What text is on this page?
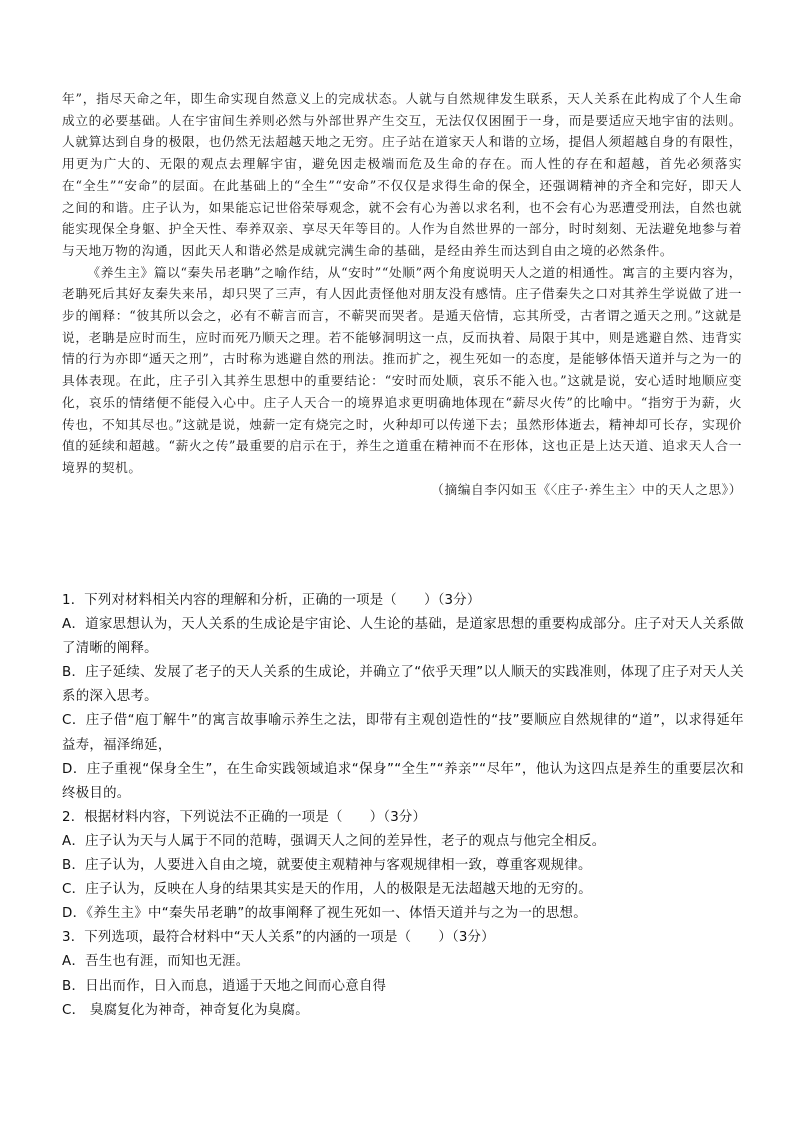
年”，指尽天命之年，即生命实现自然意义上的完成状态。人就与自然规律发生联系，天人关系在此构成了个人生命成立的必要基础。人在宇宙间生养则必然与外部世界产生交互，无法仅仅困囿于一身，而是要适应天地宇宙的法则。人就算达到自身的极限，也仍然无法超越天地之无穷。庄子站在道家天人和谐的立场，提倡人须超越自身的有限性，用更为广大的、无限的观点去理解宇宙，避免因走极端而危及生命的存在。而人性的存在和超越，首先必须落实在“全生”“安命”的层面。在此基础上的“全生”“安命”不仅仅是求得生命的保全，还强调精神的齐全和完好，即天人之间的和谐。庄子认为，如果能忘记世俗荣辱观念，就不会有心为善以求名利，也不会有心为恶遭受刑法，自然也就能实现保全身躯、护全天性、奉养双亲、享尽天年等目的。人作为自然世界的一部分，时时刻刻、无法避免地参与着与天地万物的沟通，因此天人和谐必然是成就完满生命的基础，是经由养生而达到自由之境的必然条件。

《养生主》篇以“秦失吊老聃”之喻作结，从“安时”“处顺”两个角度说明天人之道的相通性。寓言的主要内容为，老聃死后其好友秦失来吊，却只哭了三声，有人因此责怪他对朋友没有感情。庄子借秦失之口对其养生学说做了进一步的阐释：“彼其所以会之，必有不蕲言而言，不蕲哭而哭者。是遁天倍情，忘其所受，古者谓之遁天之刑。”这就是说，老聃是应时而生，应时而死乃顺天之理。若不能够洞明这一点，反而执着、局限于其中，则是逃避自然、违背实情的行为亦即“遁天之刑”，古时称为逃避自然的刑法。推而扩之，视生死如一的态度，是能够体悟天道并与之为一的具体表现。在此，庄子引入其养生思想中的重要结论：“安时而处顺，哀乐不能入也。”这就是说，安心适时地顺应变化，哀乐的情绪便不能侵入心中。庄子人天合一的境界追求更明确地体现在“薪尽火传”的比喻中。“指穷于为薪，火传也，不知其尽也。”这就是说，烛薪一定有烧完之时，火种却可以传递下去；虽然形体逝去，精神却可长存，实现价值的延续和超越。“薪火之传”最重要的启示在于，养生之道重在精神而不在形体，这也正是上达天道、追求天人合一境界的契机。

（摘编自李闪如玉《〈庄子·养生主〉中的天人之思》）

1．下列对材料相关内容的理解和分析，正确的一项是（　　）（3分）

A．道家思想认为，天人关系的生成论是宇宙论、人生论的基础，是道家思想的重要构成部分。庄子对天人关系做了清晰的阐释。

B．庄子延续、发展了老子的天人关系的生成论，并确立了“依乎天理”以人顺天的实践准则，体现了庄子对天人关系的深入思考。

C．庄子借“庖丁解牛”的寓言故事喻示养生之法，即带有主观创造性的“技”要顺应自然规律的“道”，以求得延年益寿，福泽绵延，

D．庄子重视“保身全生”，在生命实践领域追求“保身”“全生”“养亲”“尽年”，他认为这四点是养生的重要层次和终极目的。

2．根据材料内容，下列说法不正确的一项是（　　）（3分）

A．庄子认为天与人属于不同的范畴，强调天人之间的差异性，老子的观点与他完全相反。

B．庄子认为，人要进入自由之境，就要使主观精神与客观规律相一致，尊重客观规律。

C．庄子认为，反映在人身的结果其实是天的作用，人的极限是无法超越天地的无穷的。

D．《养生主》中“秦失吊老聃”的故事阐释了视生死如一、体悟天道并与之为一的思想。

3．下列选项，最符合材料中“天人关系”的内涵的一项是（　　）（3分）

A．吾生也有涯，而知也无涯。

B．日出而作，日入而息，逍遥于天地之间而心意自得

C． 臭腐复化为神奇，神奇复化为臭腐。
